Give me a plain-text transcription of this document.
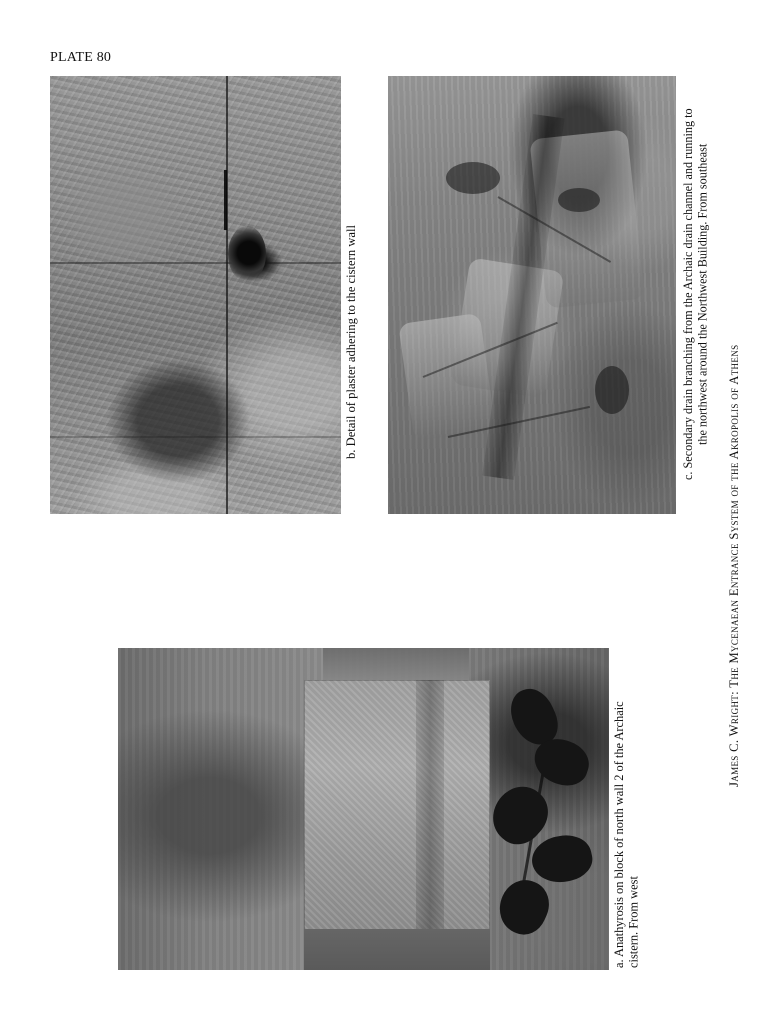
PLATE 80
b. Detail of plaster adhering to the cistern wall	c. Secondary drain branching from the Archaic drain channel and running to the northwest around the Northwest Building. From southeast
a. Anathyrosis on block of north wall 2 of the Archaic cistern. From west
James C. Wright: The Mycenaean Entrance System of the Akropolis of Athens
